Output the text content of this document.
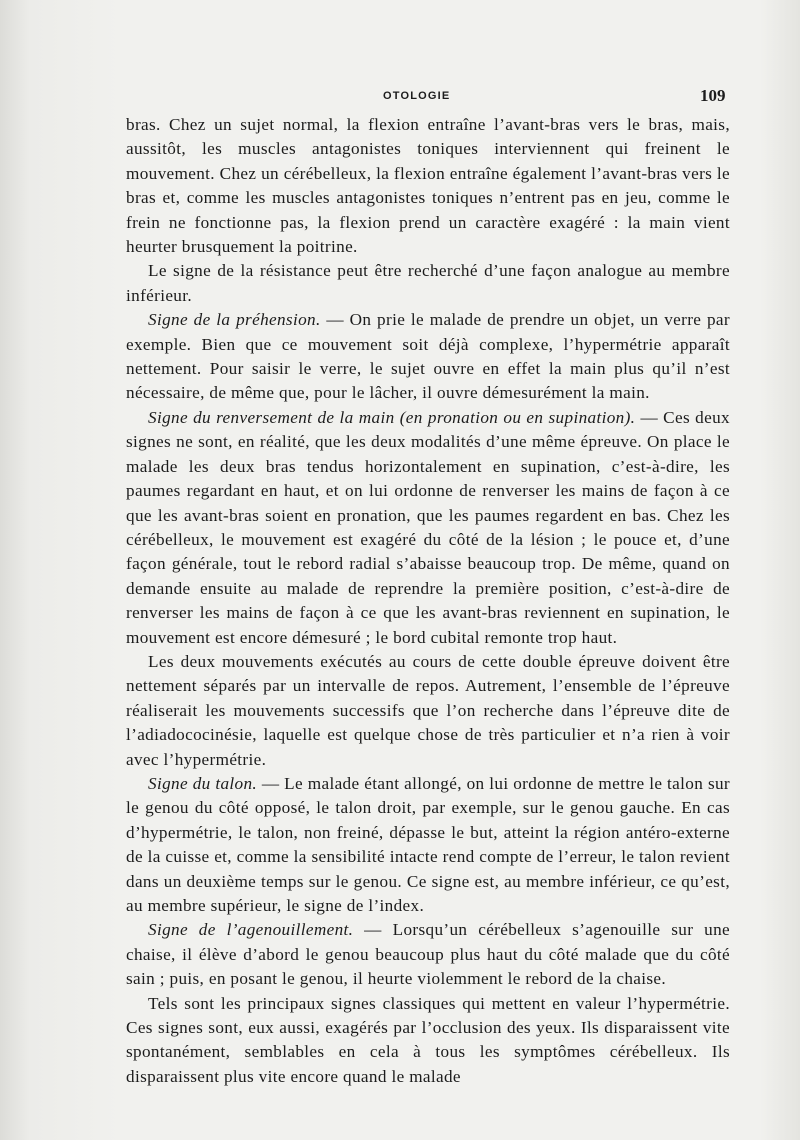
OTOLOGIE	109

bras. Chez un sujet normal, la flexion entraîne l’avant-bras vers le bras, mais, aussitôt, les muscles antagonistes toniques interviennent qui freinent le mouvement. Chez un cérébelleux, la flexion entraîne également l’avant-bras vers le bras et, comme les muscles antagonistes toniques n’entrent pas en jeu, comme le frein ne fonctionne pas, la flexion prend un caractère exagéré : la main vient heurter brusquement la poitrine.

Le signe de la résistance peut être recherché d’une façon analogue au membre inférieur.

Signe de la préhension. — On prie le malade de prendre un objet, un verre par exemple. Bien que ce mouvement soit déjà complexe, l’hypermétrie apparaît nettement. Pour saisir le verre, le sujet ouvre en effet la main plus qu’il n’est nécessaire, de même que, pour le lâcher, il ouvre démesurément la main.

Signe du renversement de la main (en pronation ou en supination). — Ces deux signes ne sont, en réalité, que les deux modalités d’une même épreuve. On place le malade les deux bras tendus horizontalement en supination, c’est-à-dire, les paumes regardant en haut, et on lui ordonne de renverser les mains de façon à ce que les avant-bras soient en pronation, que les paumes regardent en bas. Chez les cérébelleux, le mouvement est exagéré du côté de la lésion ; le pouce et, d’une façon générale, tout le rebord radial s’abaisse beaucoup trop. De même, quand on demande ensuite au malade de reprendre la première position, c’est-à-dire de renverser les mains de façon à ce que les avant-bras reviennent en supination, le mouvement est encore démesuré ; le bord cubital remonte trop haut.

Les deux mouvements exécutés au cours de cette double épreuve doivent être nettement séparés par un intervalle de repos. Autrement, l’ensemble de l’épreuve réaliserait les mouvements successifs que l’on recherche dans l’épreuve dite de l’adiadococinésie, laquelle est quelque chose de très particulier et n’a rien à voir avec l’hypermétrie.

Signe du talon. — Le malade étant allongé, on lui ordonne de mettre le talon sur le genou du côté opposé, le talon droit, par exemple, sur le genou gauche. En cas d’hypermétrie, le talon, non freiné, dépasse le but, atteint la région antéro-externe de la cuisse et, comme la sensibilité intacte rend compte de l’erreur, le talon revient dans un deuxième temps sur le genou. Ce signe est, au membre inférieur, ce qu’est, au membre supérieur, le signe de l’index.

Signe de l’agenouillement. — Lorsqu’un cérébelleux s’agenouille sur une chaise, il élève d’abord le genou beaucoup plus haut du côté malade que du côté sain ; puis, en posant le genou, il heurte violemment le rebord de la chaise.

Tels sont les principaux signes classiques qui mettent en valeur l’hypermétrie. Ces signes sont, eux aussi, exagérés par l’occlusion des yeux. Ils disparaissent vite spontanément, semblables en cela à tous les symptômes cérébelleux. Ils disparaissent plus vite encore quand le malade
